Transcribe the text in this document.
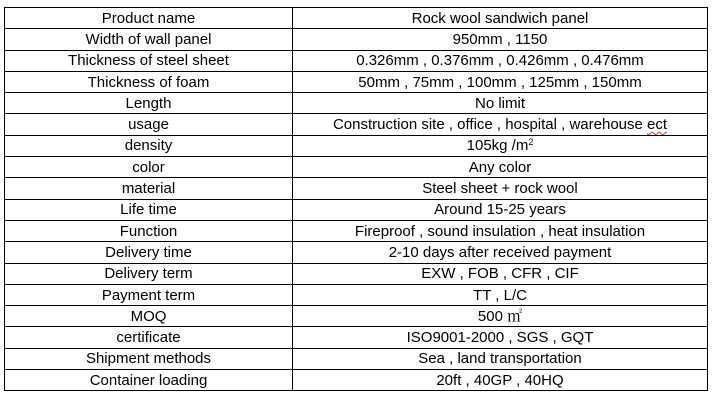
Product name	Rock wool sandwich panel
Width of wall panel	950mm , 1150
Thickness of steel sheet	0.326mm , 0.376mm , 0.426mm , 0.476mm
Thickness of foam	50mm , 75mm , 100mm , 125mm , 150mm
Length	No limit
usage	Construction site , office , hospital , warehouse ect
density	105kg $/m^2$
color	Any color
material	Steel sheet + rock wool
Life time	Around 15-25 years
Function	Fireproof , sound insulation , heat insulation
Delivery time	2-10 days after received payment
Delivery term	EXW , FOB , CFR , CIF
Payment term	TT , L/C
MOQ	500 ㎡
certificate	ISO9001-2000 , SGS , GQT
Shipment methods	Sea , land transportation
Container loading	20ft , 40GP , 40HQ
